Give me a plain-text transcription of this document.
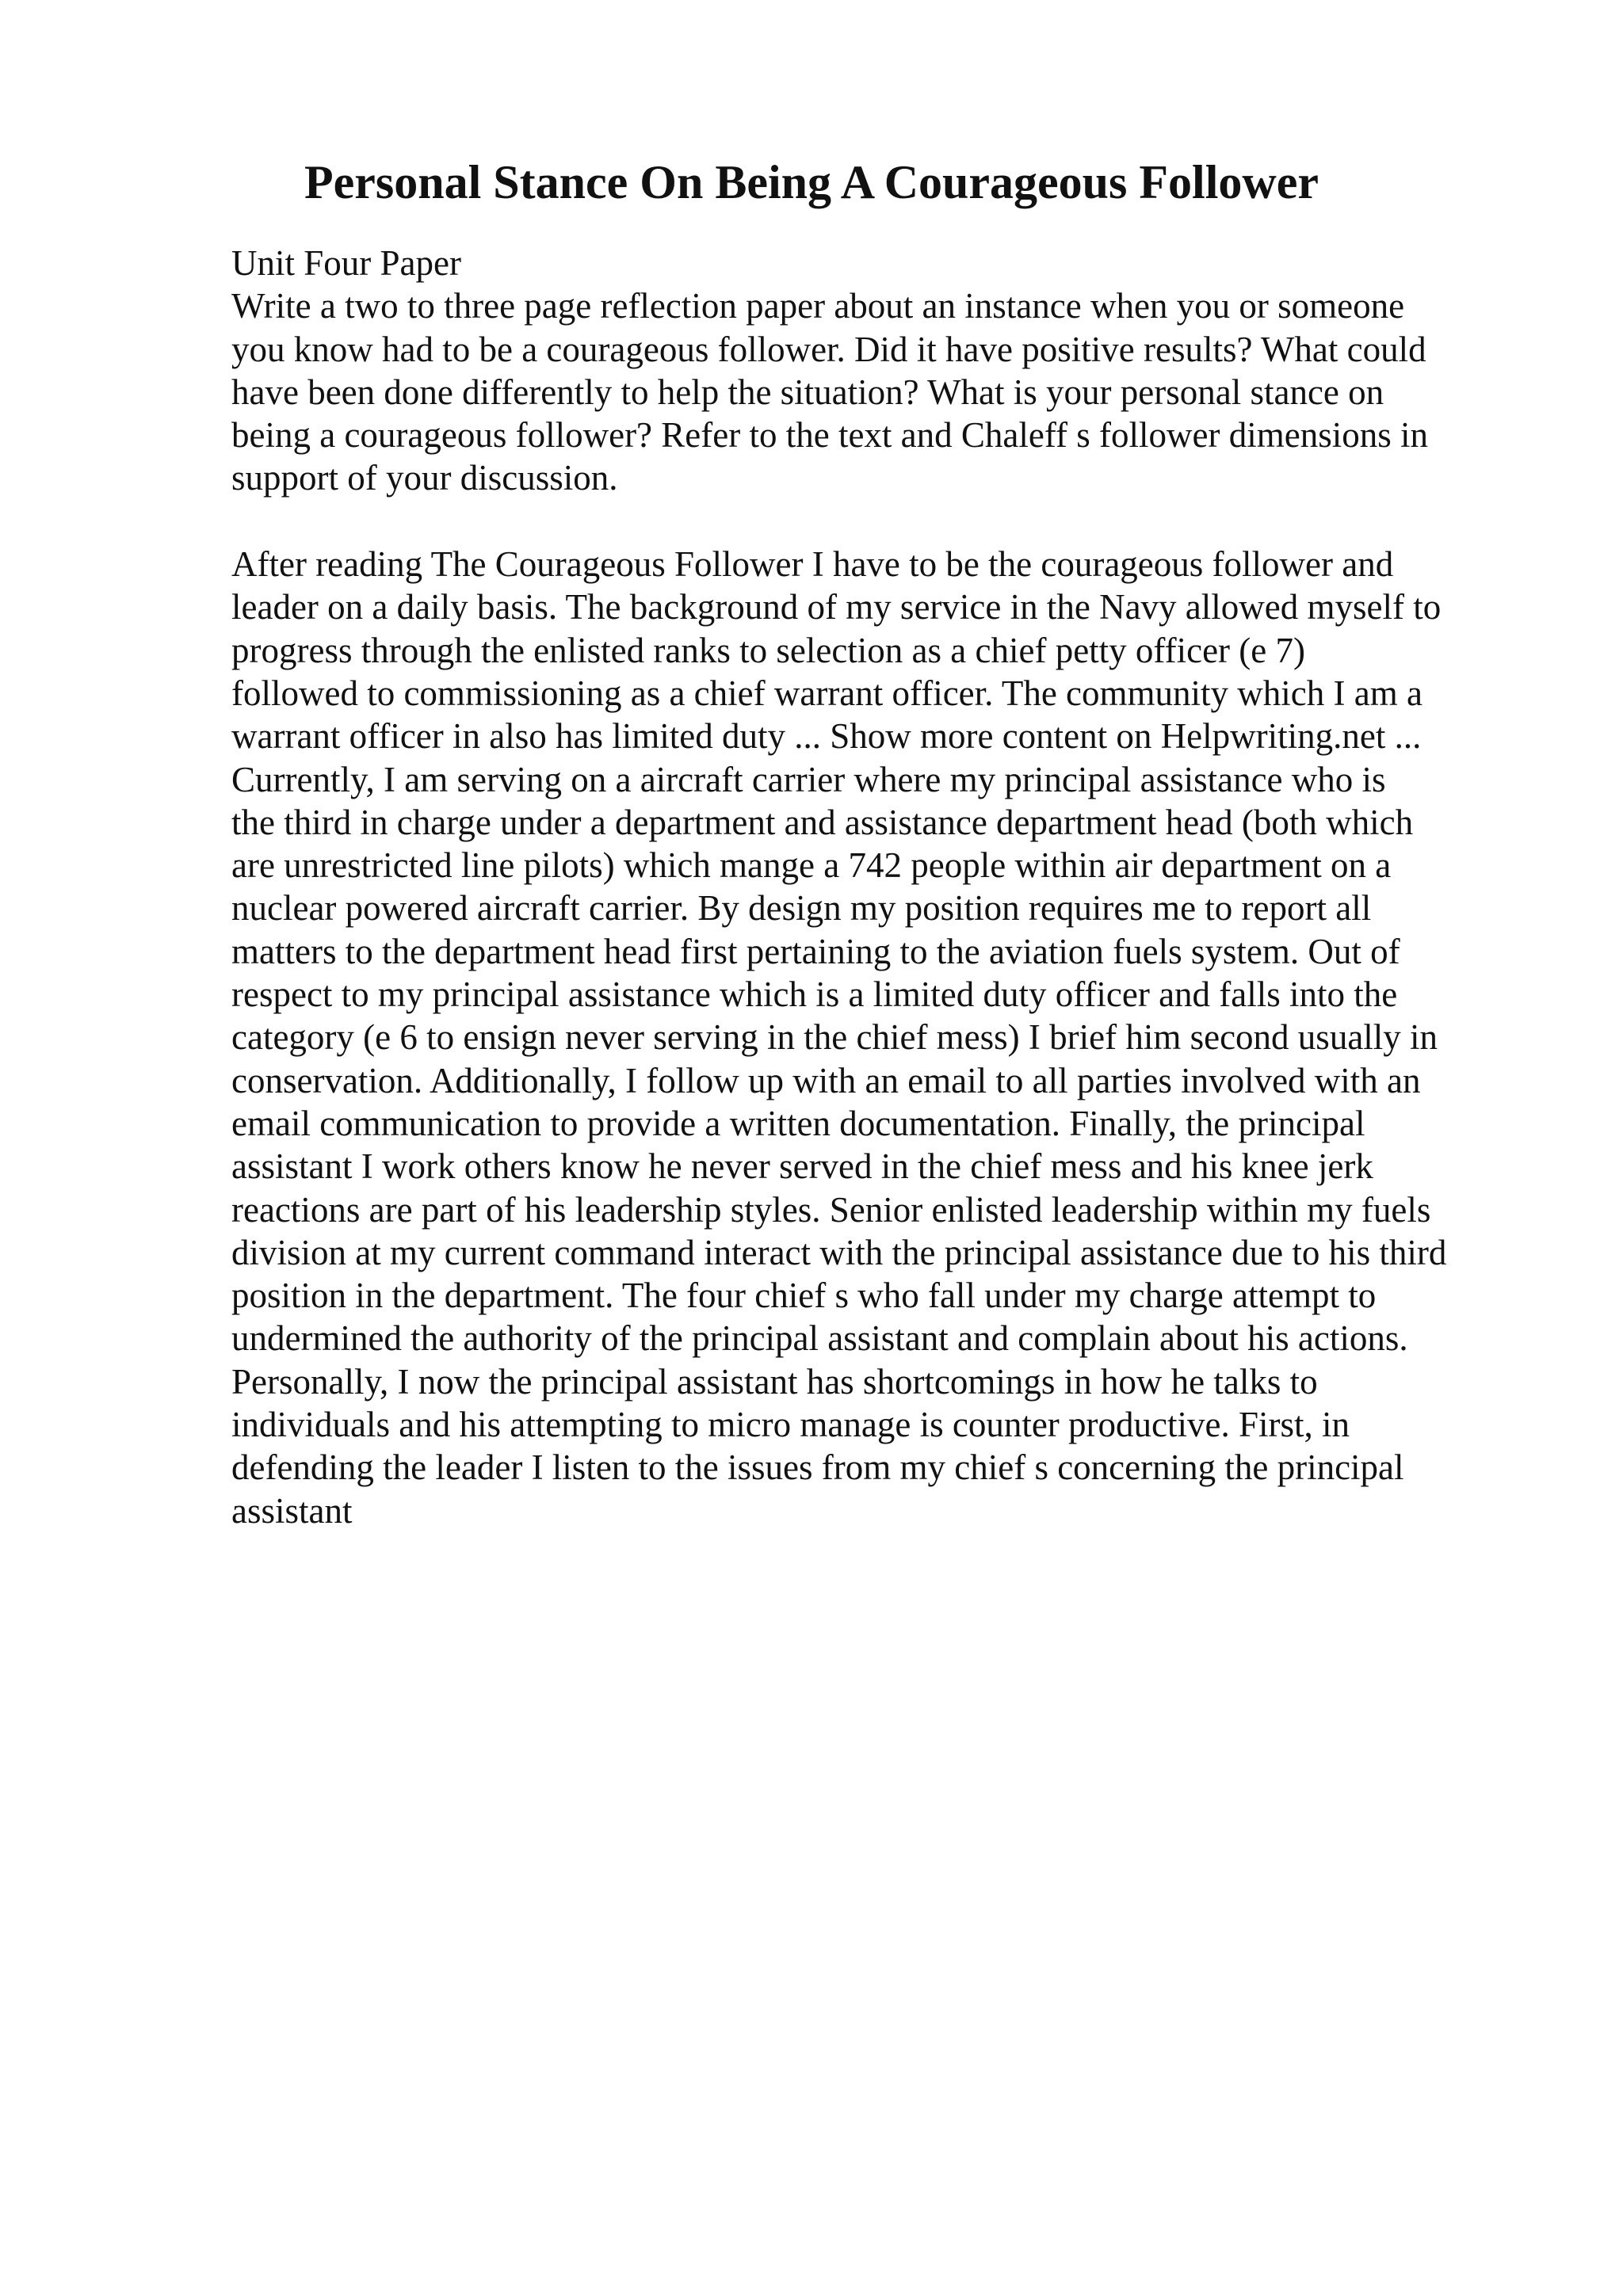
Personal Stance On Being A Courageous Follower
Unit Four Paper
Write a two to three page reflection paper about an instance when you or someone
you know had to be a courageous follower. Did it have positive results? What could
have been done differently to help the situation? What is your personal stance on
being a courageous follower? Refer to the text and Chaleff s follower dimensions in
support of your discussion.
After reading The Courageous Follower I have to be the courageous follower and
leader on a daily basis. The background of my service in the Navy allowed myself to
progress through the enlisted ranks to selection as a chief petty officer (e 7)
followed to commissioning as a chief warrant officer. The community which I am a
warrant officer in also has limited duty ... Show more content on Helpwriting.net ...
Currently, I am serving on a aircraft carrier where my principal assistance who is
the third in charge under a department and assistance department head (both which
are unrestricted line pilots) which mange a 742 people within air department on a
nuclear powered aircraft carrier. By design my position requires me to report all
matters to the department head first pertaining to the aviation fuels system. Out of
respect to my principal assistance which is a limited duty officer and falls into the
category (e 6 to ensign never serving in the chief mess) I brief him second usually in
conservation. Additionally, I follow up with an email to all parties involved with an
email communication to provide a written documentation. Finally, the principal
assistant I work others know he never served in the chief mess and his knee jerk
reactions are part of his leadership styles. Senior enlisted leadership within my fuels
division at my current command interact with the principal assistance due to his third
position in the department. The four chief s who fall under my charge attempt to
undermined the authority of the principal assistant and complain about his actions.
Personally, I now the principal assistant has shortcomings in how he talks to
individuals and his attempting to micro manage is counter productive. First, in
defending the leader I listen to the issues from my chief s concerning the principal
assistant
